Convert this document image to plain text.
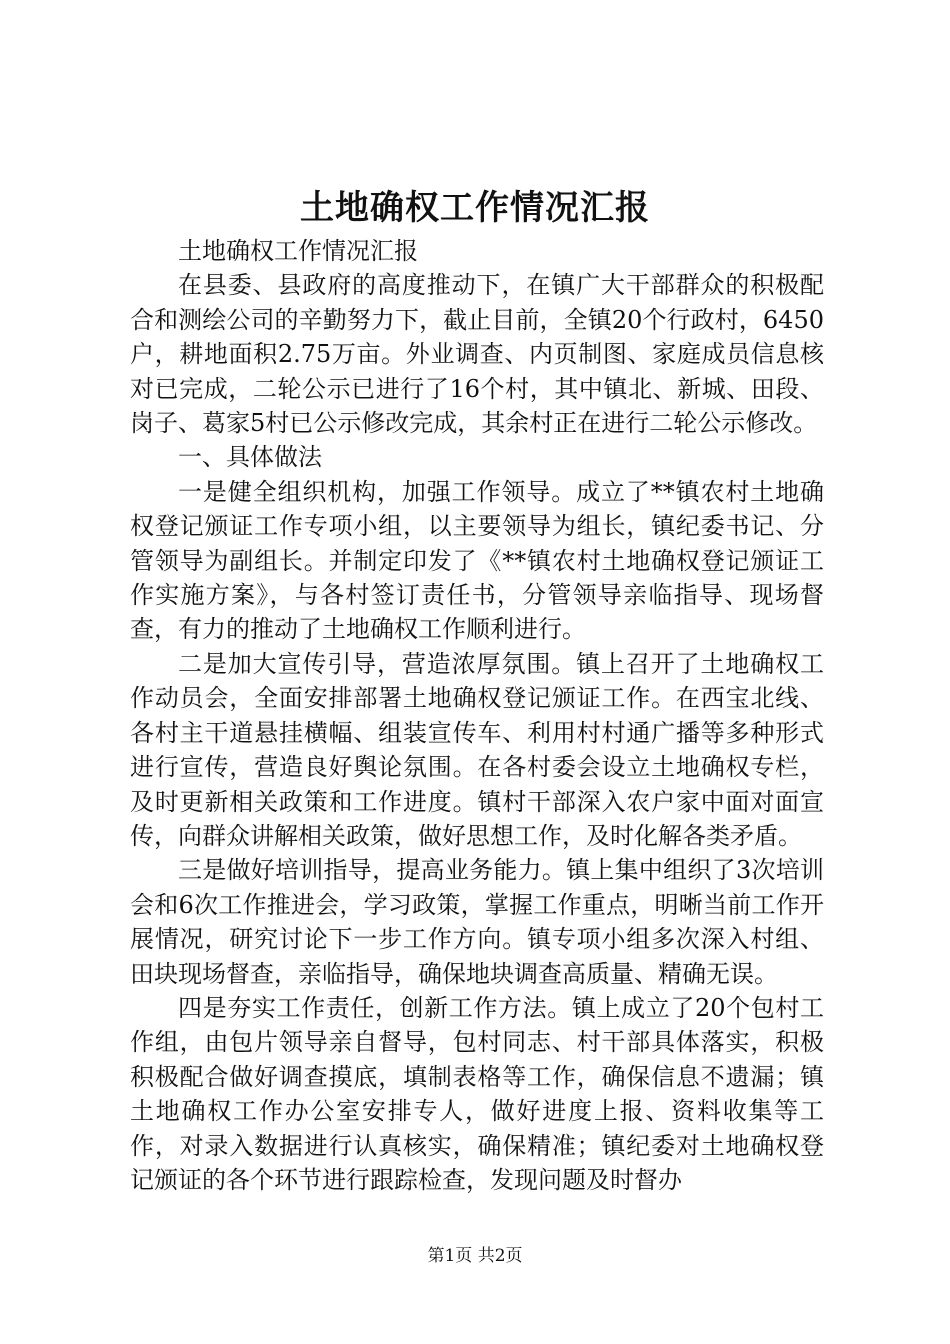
土地确权工作情况汇报

土地确权工作情况汇报

在县委、县政府的高度推动下，在镇广大干部群众的积极配合和测绘公司的辛勤努力下，截止目前，全镇20个行政村，6450户，耕地面积2.75万亩。外业调查、内页制图、家庭成员信息核对已完成，二轮公示已进行了16个村，其中镇北、新城、田段、岗子、葛家5村已公示修改完成，其余村正在进行二轮公示修改。

一、具体做法

一是健全组织机构，加强工作领导。成立了**镇农村土地确权登记颁证工作专项小组，以主要领导为组长，镇纪委书记、分管领导为副组长。并制定印发了《**镇农村土地确权登记颁证工作实施方案》，与各村签订责任书，分管领导亲临指导、现场督查，有力的推动了土地确权工作顺利进行。

二是加大宣传引导，营造浓厚氛围。镇上召开了土地确权工作动员会，全面安排部署土地确权登记颁证工作。在西宝北线、各村主干道悬挂横幅、组装宣传车、利用村村通广播等多种形式进行宣传，营造良好舆论氛围。在各村委会设立土地确权专栏，及时更新相关政策和工作进度。镇村干部深入农户家中面对面宣传，向群众讲解相关政策，做好思想工作，及时化解各类矛盾。

三是做好培训指导，提高业务能力。镇上集中组织了3次培训会和6次工作推进会，学习政策，掌握工作重点，明晰当前工作开展情况，研究讨论下一步工作方向。镇专项小组多次深入村组、田块现场督查，亲临指导，确保地块调查高质量、精确无误。

四是夯实工作责任，创新工作方法。镇上成立了20个包村工作组，由包片领导亲自督导，包村同志、村干部具体落实，积极积极配合做好调查摸底，填制表格等工作，确保信息不遗漏；镇土地确权工作办公室安排专人，做好进度上报、资料收集等工作，对录入数据进行认真核实，确保精准；镇纪委对土地确权登记颁证的各个环节进行跟踪检查，发现问题及时督办

第1页 共2页
